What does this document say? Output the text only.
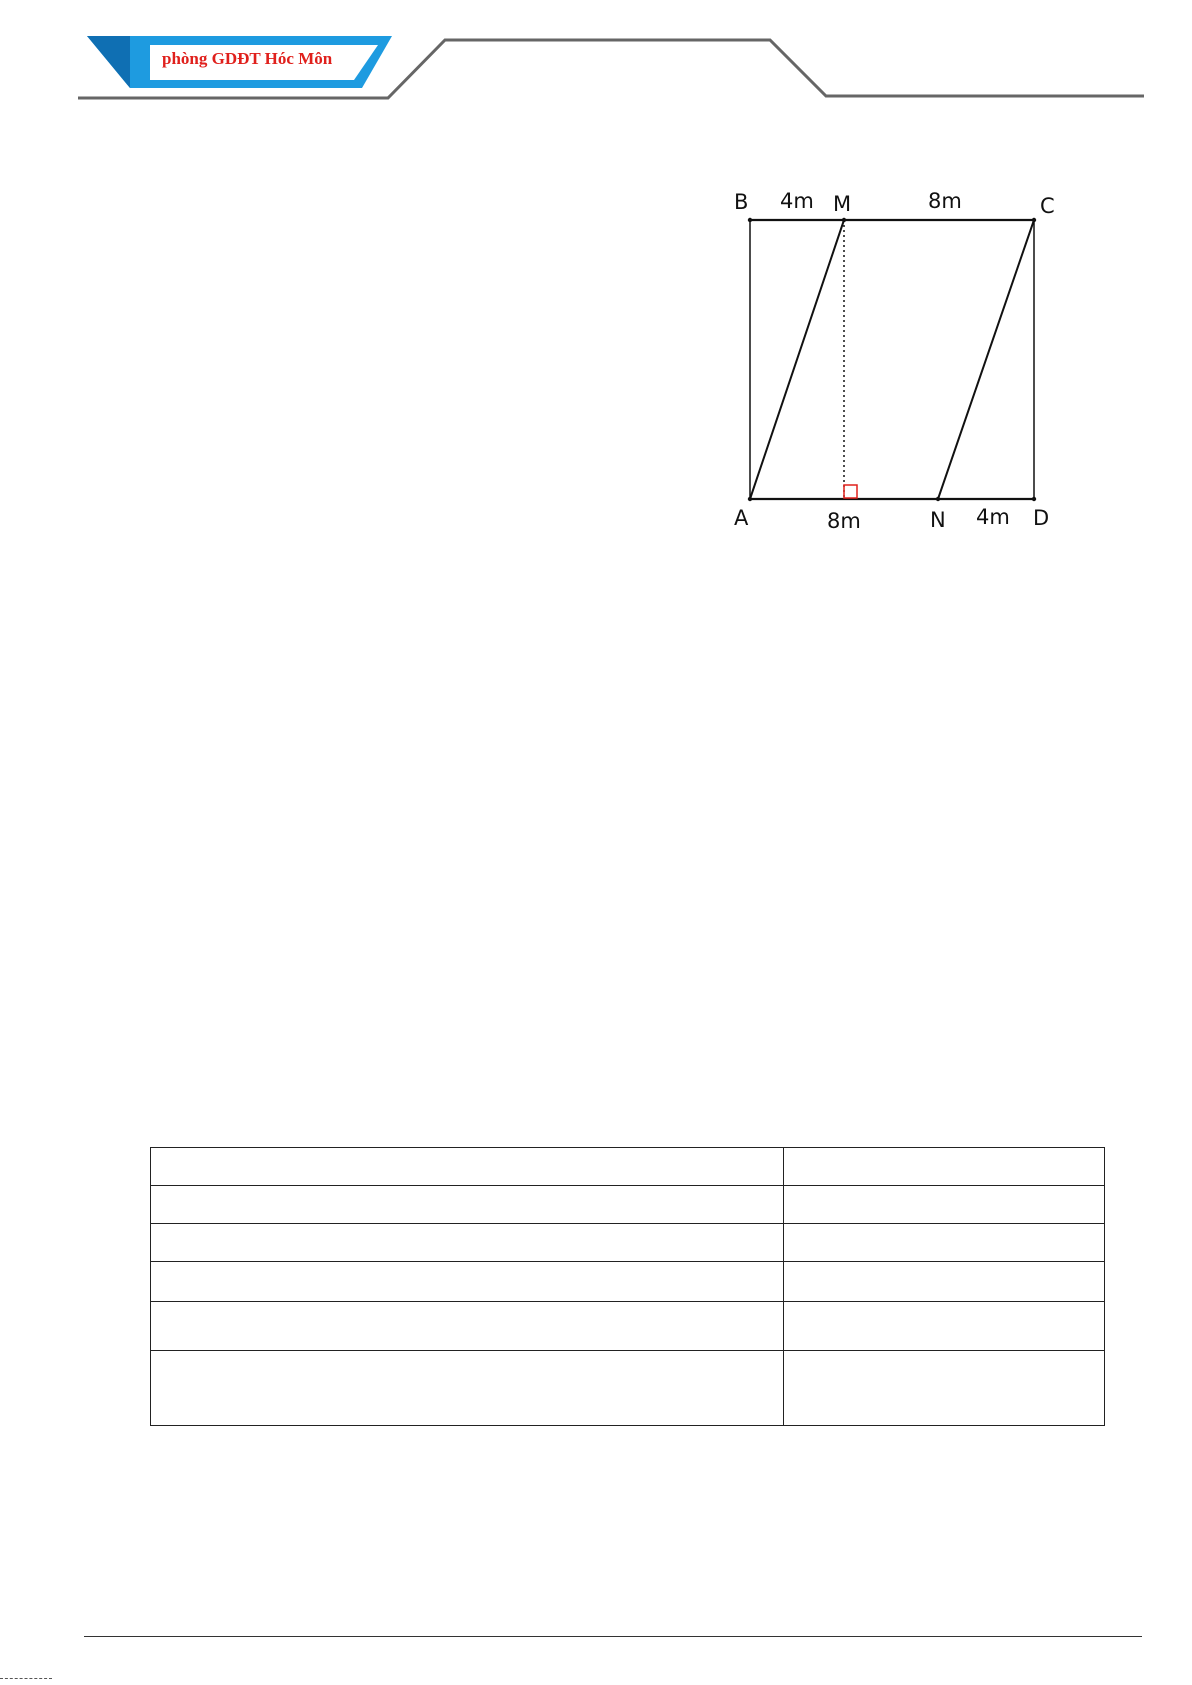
phòng GDĐT Hóc Môn
B	M	C
A	N	D
4m	8m
8m	4m
